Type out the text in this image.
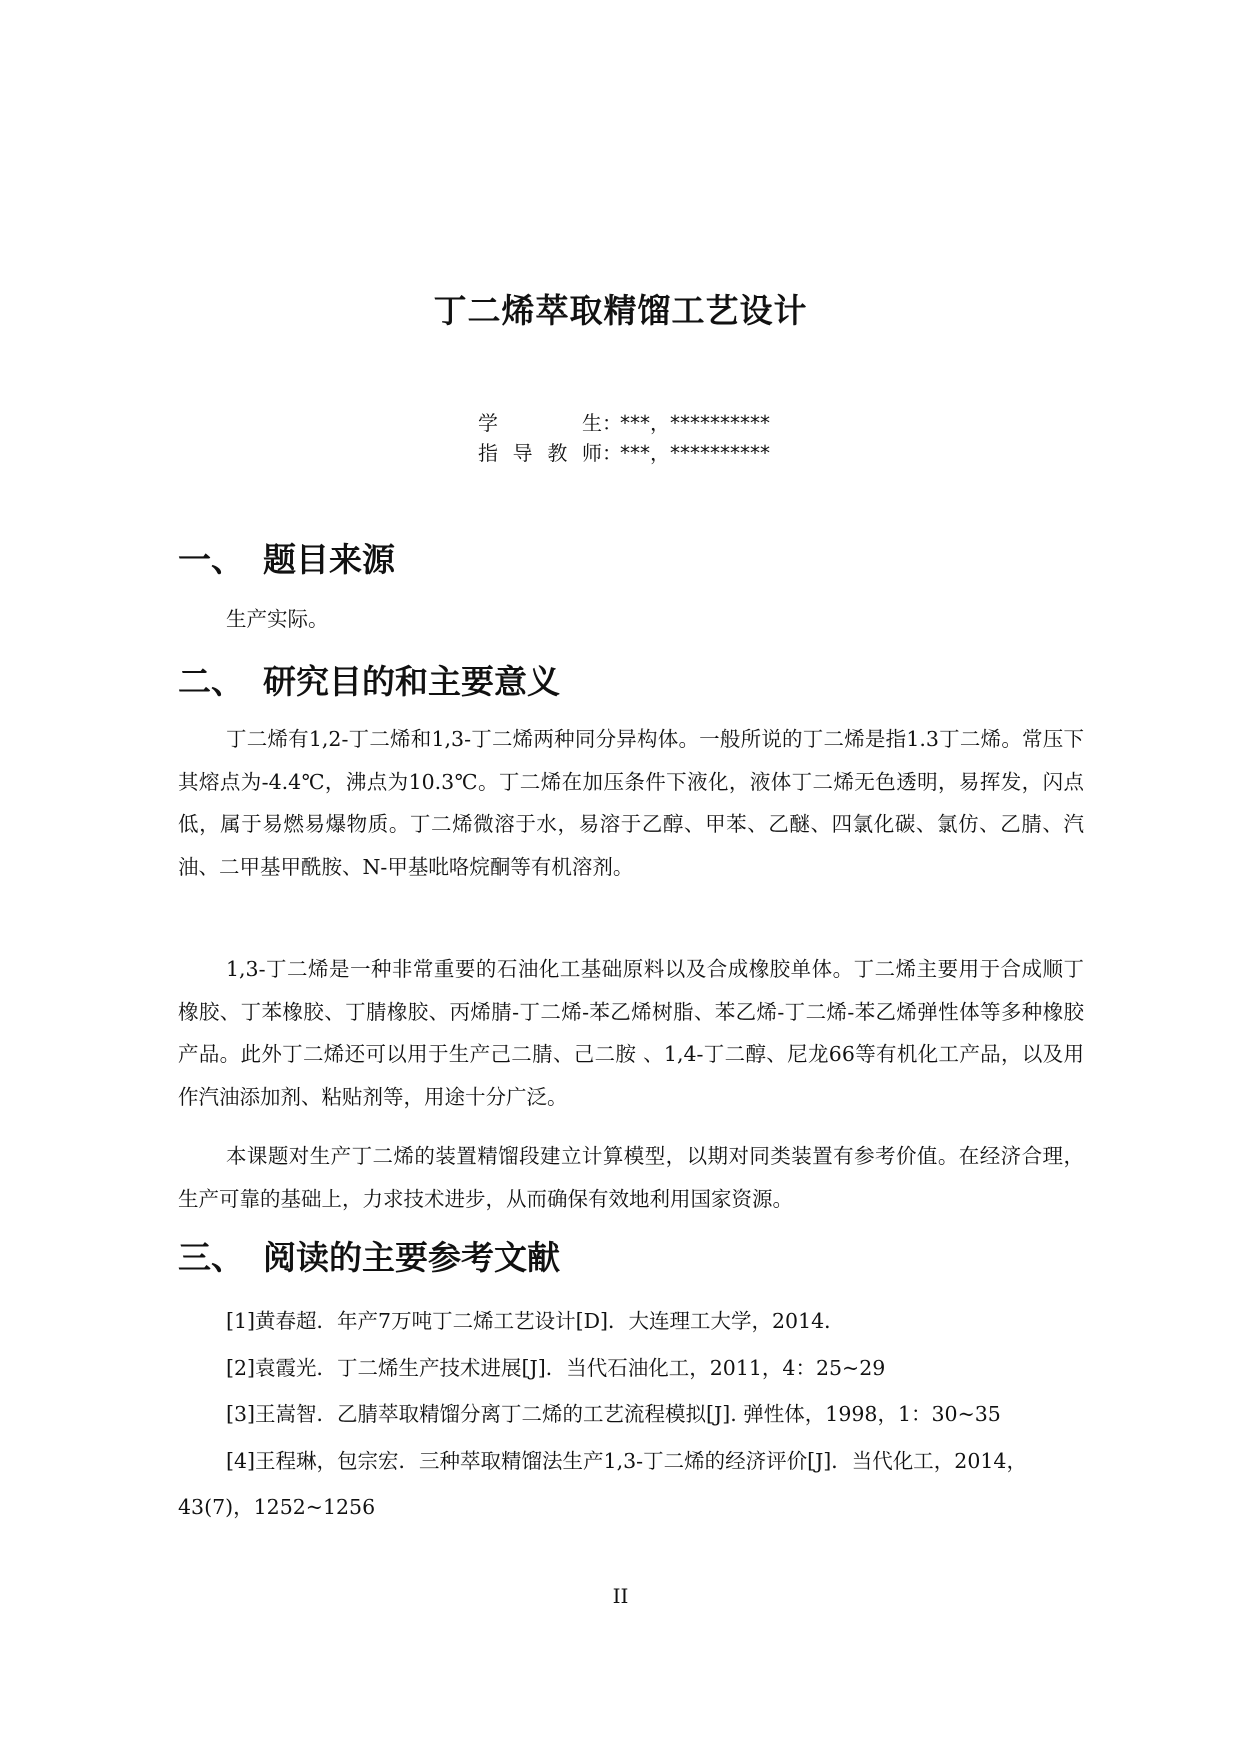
丁二烯萃取精馏工艺设计
学生：***，**********
指导教师：***，**********
一、 题目来源

生产实际。

二、 研究目的和主要意义

丁二烯有1,2-丁二烯和1,3-丁二烯两种同分异构体。一般所说的丁二烯是指1.3丁二烯。常压下其熔点为-4.4℃，沸点为10.3℃。丁二烯在加压条件下液化，液体丁二烯无色透明，易挥发，闪点低，属于易燃易爆物质。丁二烯微溶于水，易溶于乙醇、甲苯、乙醚、四氯化碳、氯仿、乙腈、汽油、二甲基甲酰胺、N-甲基吡咯烷酮等有机溶剂。

1,3-丁二烯是一种非常重要的石油化工基础原料以及合成橡胶单体。丁二烯主要用于合成顺丁橡胶、丁苯橡胶、丁腈橡胶、丙烯腈-丁二烯-苯乙烯树脂、苯乙烯-丁二烯-苯乙烯弹性体等多种橡胶产品。此外丁二烯还可以用于生产己二腈、己二胺 、1,4-丁二醇、尼龙66等有机化工产品，以及用作汽油添加剂、粘贴剂等，用途十分广泛。

本课题对生产丁二烯的装置精馏段建立计算模型，以期对同类装置有参考价值。在经济合理，生产可靠的基础上，力求技术进步，从而确保有效地利用国家资源。

三、 阅读的主要参考文献
[1]黄春超．年产7万吨丁二烯工艺设计[D]．大连理工大学，2014．
[2]袁霞光．丁二烯生产技术进展[J]．当代石油化工，2011，4：25~29
[3]王嵩智．乙腈萃取精馏分离丁二烯的工艺流程模拟[J]. 弹性体，1998，1：30~35
[4]王程琳，包宗宏．三种萃取精馏法生产1,3-丁二烯的经济评价[J]．当代化工，2014，43(7)，1252~1256
II
